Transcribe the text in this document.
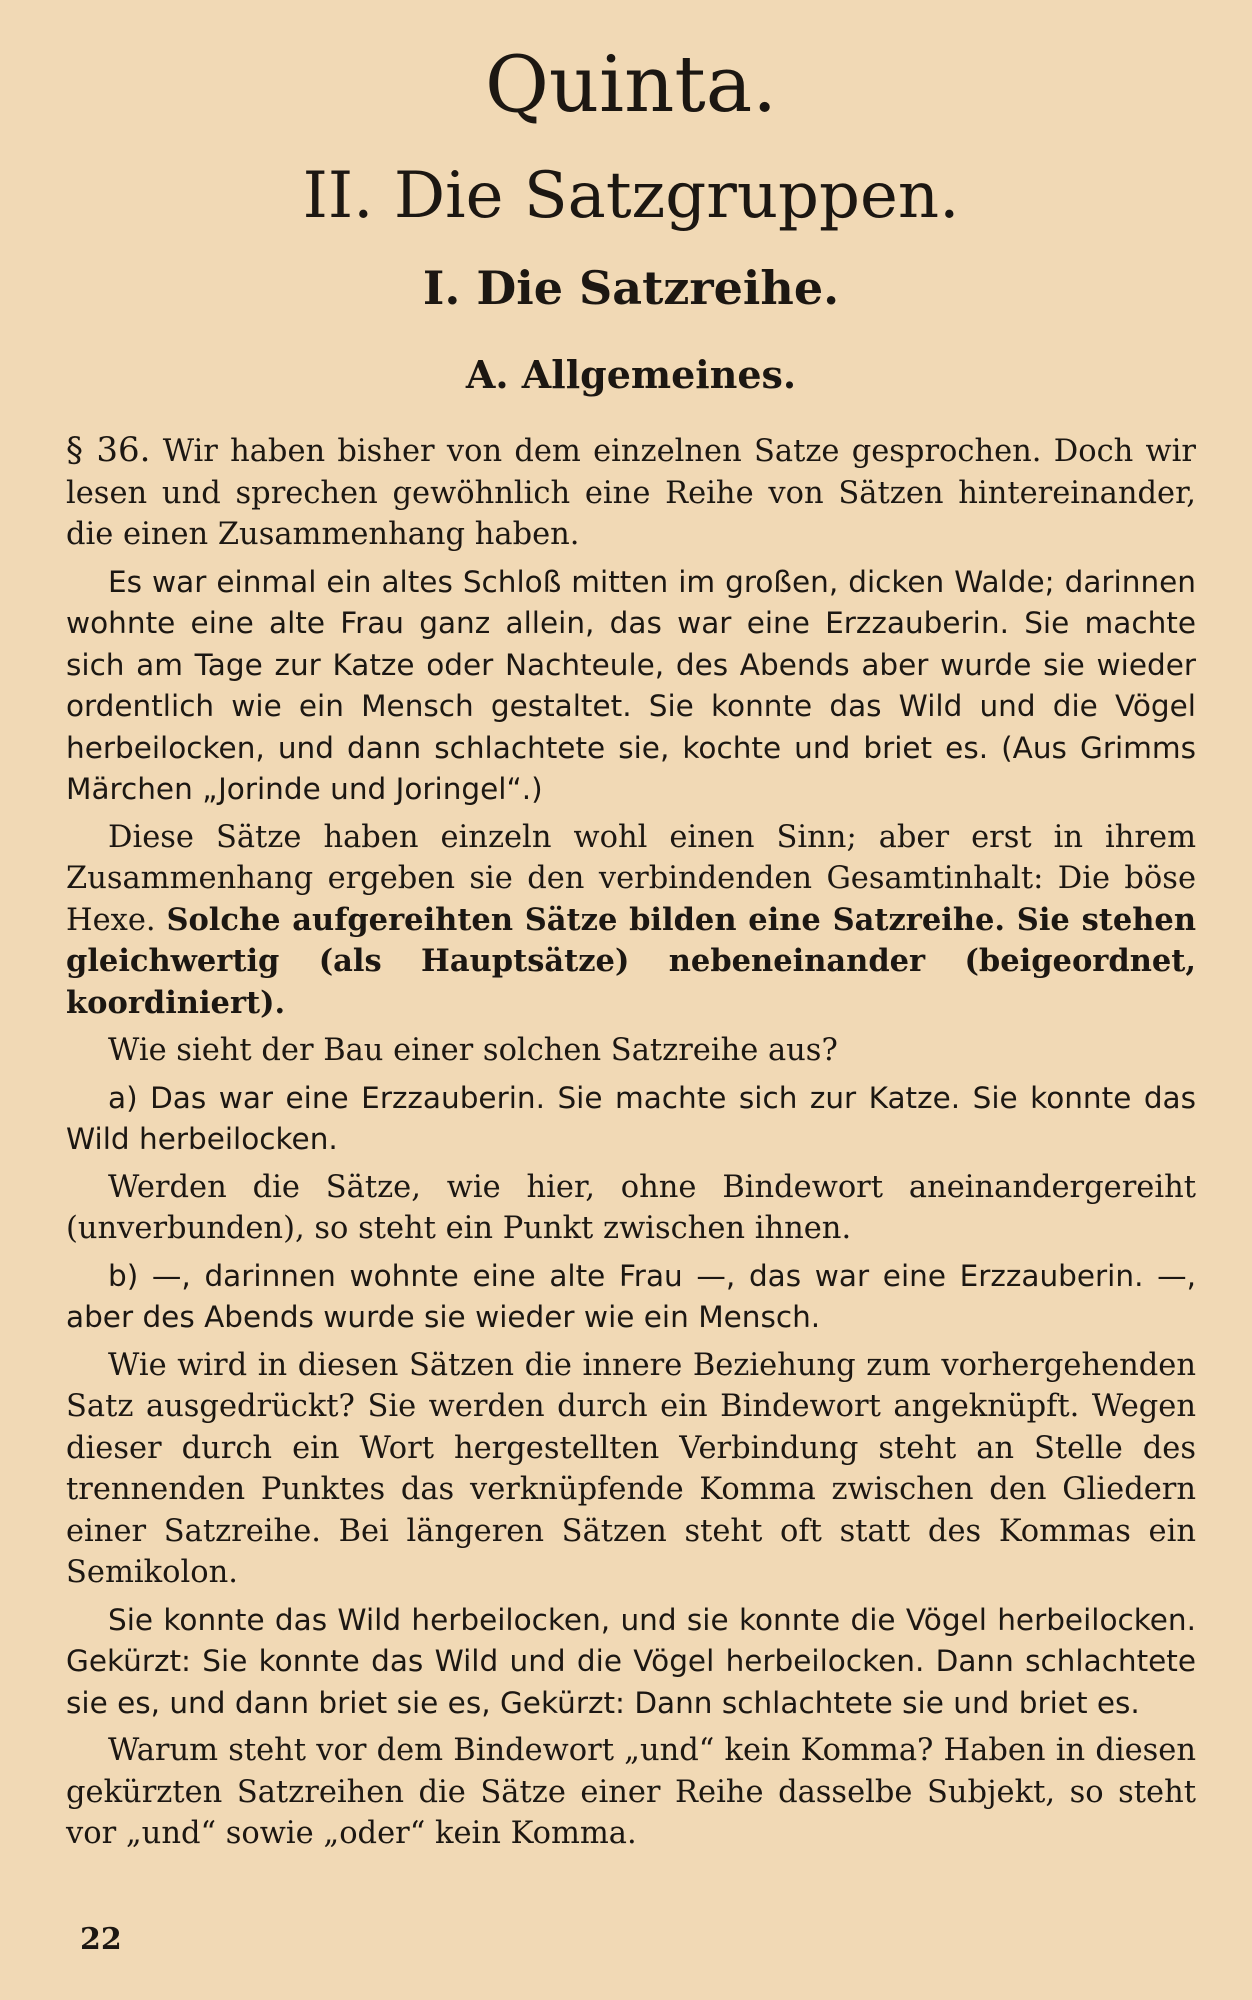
Quinta.
II. Die Satzgruppen.
I. Die Satzreihe.
A. Allgemeines.

§ 36. Wir haben bisher von dem einzelnen Satze gesprochen. Doch wir lesen und sprechen gewöhnlich eine Reihe von Sätzen hintereinander, die einen Zusammenhang haben.

Es war einmal ein altes Schloß mitten im großen, dicken Walde; darinnen wohnte eine alte Frau ganz allein, das war eine Erzzauberin. Sie machte sich am Tage zur Katze oder Nachteule, des Abends aber wurde sie wieder ordentlich wie ein Mensch gestaltet. Sie konnte das Wild und die Vögel herbeilocken, und dann schlachtete sie, kochte und briet es. (Aus Grimms Märchen „Jorinde und Joringel“.)

Diese Sätze haben einzeln wohl einen Sinn; aber erst in ihrem Zusammenhang ergeben sie den verbindenden Gesamtinhalt: Die böse Hexe. Solche aufgereihten Sätze bilden eine Satzreihe. Sie stehen gleichwertig (als Hauptsätze) nebeneinander (beigeordnet, koordiniert).

Wie sieht der Bau einer solchen Satzreihe aus?

a) Das war eine Erzzauberin. Sie machte sich zur Katze. Sie konnte das Wild herbeilocken.

Werden die Sätze, wie hier, ohne Bindewort aneinandergereiht (unverbunden), so steht ein Punkt zwischen ihnen.

b) —, darinnen wohnte eine alte Frau —, das war eine Erzzauberin. —, aber des Abends wurde sie wieder wie ein Mensch.

Wie wird in diesen Sätzen die innere Beziehung zum vorhergehenden Satz ausgedrückt? Sie werden durch ein Bindewort angeknüpft. Wegen dieser durch ein Wort hergestellten Verbindung steht an Stelle des trennenden Punktes das verknüpfende Komma zwischen den Gliedern einer Satzreihe. Bei längeren Sätzen steht oft statt des Kommas ein Semikolon.

Sie konnte das Wild herbeilocken, und sie konnte die Vögel herbeilocken. Gekürzt: Sie konnte das Wild und die Vögel herbeilocken. Dann schlachtete sie es, und dann briet sie es, Gekürzt: Dann schlachtete sie und briet es.

Warum steht vor dem Bindewort „und“ kein Komma? Haben in diesen gekürzten Satzreihen die Sätze einer Reihe dasselbe Subjekt, so steht vor „und“ sowie „oder“ kein Komma.

22
